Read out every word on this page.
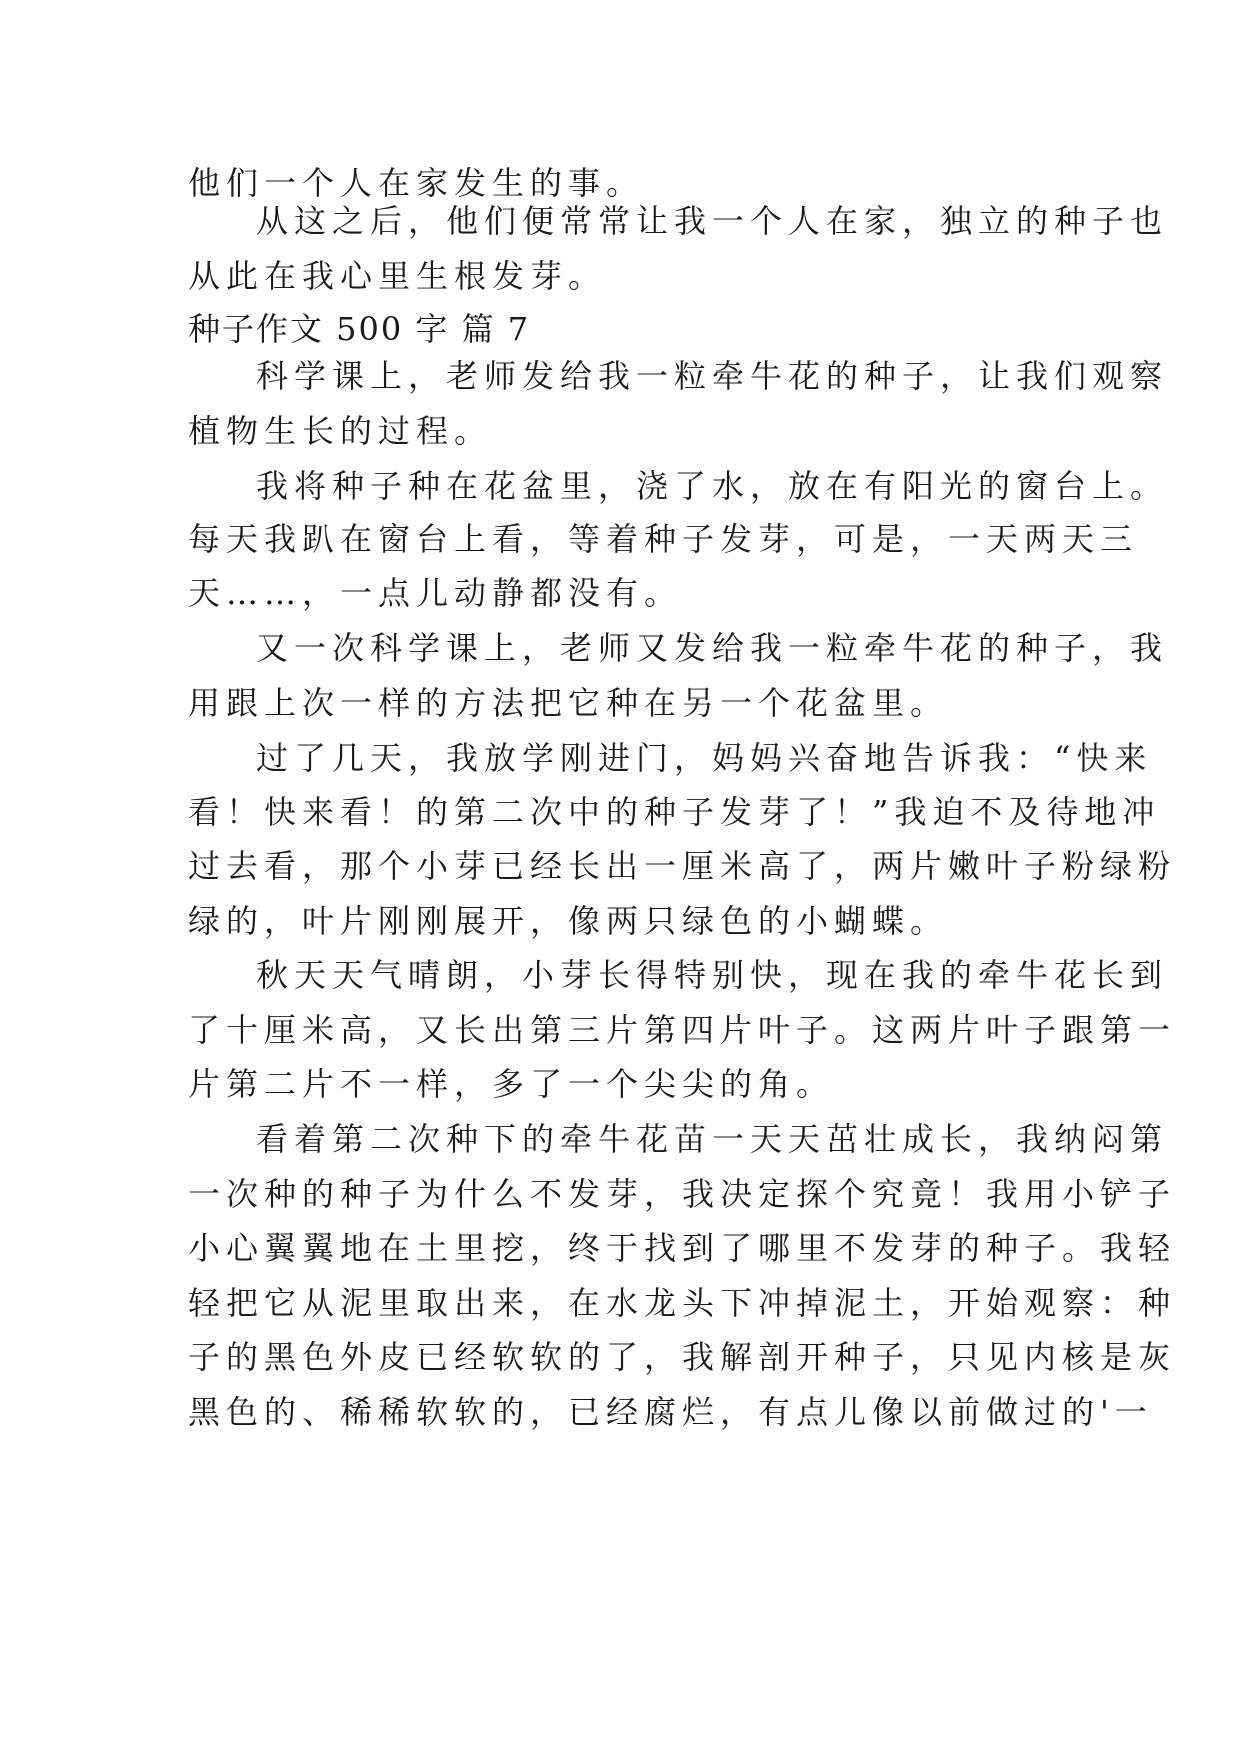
他们一个人在家发生的事。
从这之后，他们便常常让我一个人在家，独立的种子也
从此在我心里生根发芽。
种子作文 500 字 篇 7
科学课上，老师发给我一粒牵牛花的种子，让我们观察
植物生长的过程。
我将种子种在花盆里，浇了水，放在有阳光的窗台上。
每天我趴在窗台上看，等着种子发芽，可是，一天两天三
天……，一点儿动静都没有。
又一次科学课上，老师又发给我一粒牵牛花的种子，我
用跟上次一样的方法把它种在另一个花盆里。
过了几天，我放学刚进门，妈妈兴奋地告诉我：“快来
看！快来看！的第二次中的种子发芽了！”我迫不及待地冲
过去看，那个小芽已经长出一厘米高了，两片嫩叶子粉绿粉
绿的，叶片刚刚展开，像两只绿色的小蝴蝶。
秋天天气晴朗，小芽长得特别快，现在我的牵牛花长到
了十厘米高，又长出第三片第四片叶子。这两片叶子跟第一
片第二片不一样，多了一个尖尖的角。
看着第二次种下的牵牛花苗一天天茁壮成长，我纳闷第
一次种的种子为什么不发芽，我决定探个究竟！我用小铲子
小心翼翼地在土里挖，终于找到了哪里不发芽的种子。我轻
轻把它从泥里取出来，在水龙头下冲掉泥土，开始观察：种
子的黑色外皮已经软软的了，我解剖开种子，只见内核是灰
黑色的、稀稀软软的，已经腐烂，有点儿像以前做过的'一
